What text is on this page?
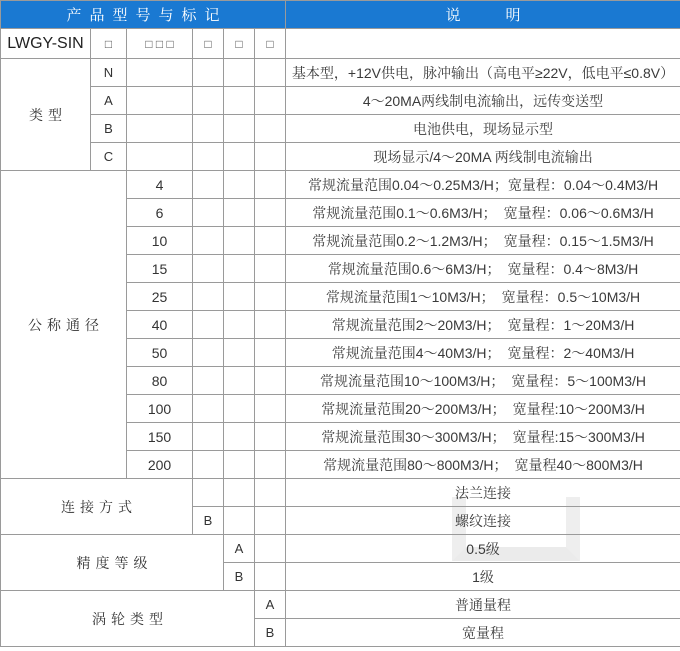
产品型号与标记						说　　　明
LWGY-SIN	□	□ □ □	□	□	□	
类型	N					基本型，+12V供电，脉冲输出（高电平≥22V，低电平≤0.8V）
	A					4～20MA两线制电流输出，远传变送型
	B					电池供电，现场显示型
	C					现场显示/4～20MA 两线制电流输出
公称通径		4				常规流量范围0.04～0.25M3/H；宽量程：0.04～0.4M3/H
		6				常规流量范围0.1～0.6M3/H；　宽量程：0.06～0.6M3/H
		10				常规流量范围0.2～1.2M3/H；　宽量程：0.15～1.5M3/H
		15				常规流量范围0.6～6M3/H；　宽量程：0.4～8M3/H
		25				常规流量范围1～10M3/H；　宽量程：0.5～10M3/H
		40				常规流量范围2～20M3/H；　宽量程：1～20M3/H
		50				常规流量范围4～40M3/H；　宽量程：2～40M3/H
		80				常规流量范围10～100M3/H；　宽量程：5～100M3/H
		100				常规流量范围20～200M3/H；　宽量程:10～200M3/H
		150				常规流量范围30～300M3/H；　宽量程:15～300M3/H
		200				常规流量范围80～800M3/H；　宽量程40～800M3/H
连接方式						法兰连接
			B			螺纹连接
精度等级				A		0.5级
				B		1级
涡轮类型					A	普通量程
					B	宽量程
